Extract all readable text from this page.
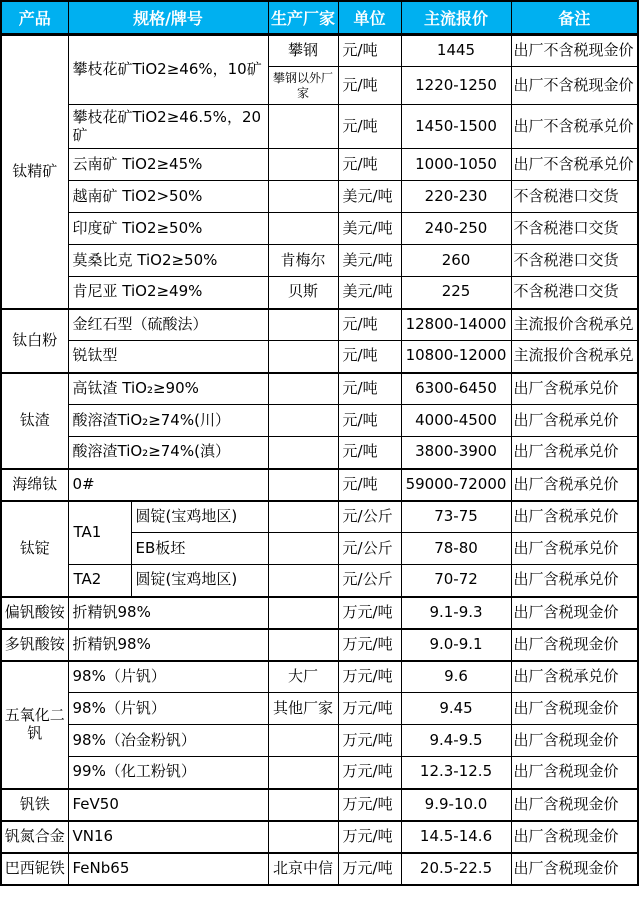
产品	规格/牌号		生产厂家	单位	主流报价	备注
钛精矿	攀枝花矿TiO2≥46%，10矿		攀钢	元/吨	1445	出厂不含税现金价
			攀钢以外厂家	元/吨	1220-1250	出厂不含税现金价
	攀枝花矿TiO2≥46.5%，20矿			元/吨	1450-1500	出厂不含税承兑价
	云南矿 TiO2≥45%			元/吨	1000-1050	出厂不含税承兑价
	越南矿 TiO2>50%			美元/吨	220-230	不含税港口交货
	印度矿 TiO2≥50%			美元/吨	240-250	不含税港口交货
	莫桑比克 TiO2≥50%		肯梅尔	美元/吨	260	不含税港口交货
	肯尼亚 TiO2≥49%		贝斯	美元/吨	225	不含税港口交货
钛白粉	金红石型（硫酸法）			元/吨	12800-14000	主流报价含税承兑
	锐钛型			元/吨	10800-12000	主流报价含税承兑
钛渣	高钛渣 TiO₂≥90%			元/吨	6300-6450	出厂含税承兑价
	酸溶渣TiO₂≥74%(川）			元/吨	4000-4500	出厂含税承兑价
	酸溶渣TiO₂≥74%(滇）			元/吨	3800-3900	出厂含税承兑价
海绵钛	0#			元/吨	59000-72000	出厂含税承兑价
钛锭	TA1	圆锭(宝鸡地区)		元/公斤	73-75	出厂含税承兑价
		EB板坯		元/公斤	78-80	出厂含税承兑价
	TA2	圆锭(宝鸡地区)		元/公斤	70-72	出厂含税承兑价
偏钒酸铵	折精钒98%			万元/吨	9.1-9.3	出厂含税现金价
多钒酸铵	折精钒98%			万元/吨	9.0-9.1	出厂含税现金价
五氧化二钒	98%（片钒）		大厂	万元/吨	9.6	出厂含税承兑价
	98%（片钒）		其他厂家	万元/吨	9.45	出厂含税现金价
	98%（冶金粉钒）			万元/吨	9.4-9.5	出厂含税现金价
	99%（化工粉钒）			万元/吨	12.3-12.5	出厂含税现金价
钒铁	FeV50			万元/吨	9.9-10.0	出厂含税现金价
钒氮合金	VN16			万元/吨	14.5-14.6	出厂含税现金价
巴西铌铁	FeNb65		北京中信	万元/吨	20.5-22.5	出厂含税现金价
